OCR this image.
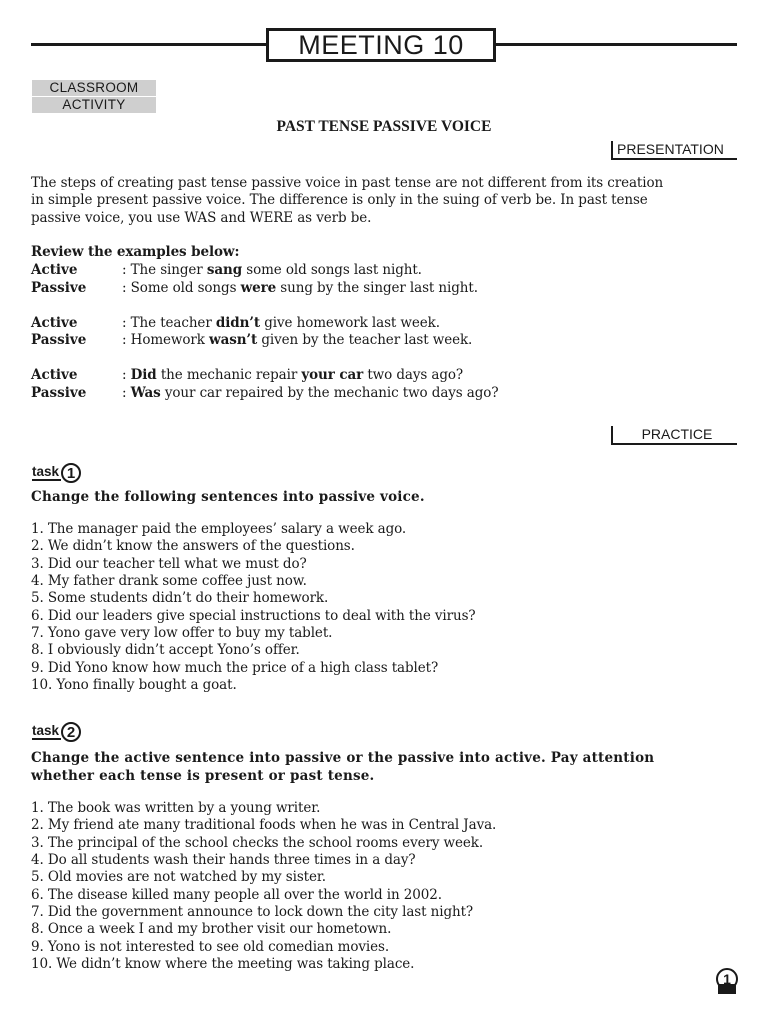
MEETING 10
CLASSROOM
ACTIVITY
PAST TENSE PASSIVE VOICE
PRESENTATION
The steps of creating past tense passive voice in past tense are not different from its creation
in simple present passive voice. The difference is only in the suing of verb be. In past tense
passive voice, you use WAS and WERE as verb be.
Review the examples below:
Active	: The singer sang some old songs last night.
Passive	: Some old songs were sung by the singer last night.
Active	: The teacher didn’t give homework last week.
Passive	: Homework wasn’t given by the teacher last week.
Active	: Did the mechanic repair your car two days ago?
Passive	: Was your car repaired by the mechanic two days ago?
PRACTICE
task 1
Change the following sentences into passive voice.
1. The manager paid the employees’ salary a week ago.
2. We didn’t know the answers of the questions.
3. Did our teacher tell what we must do?
4. My father drank some coffee just now.
5. Some students didn’t do their homework.
6. Did our leaders give special instructions to deal with the virus?
7. Yono gave very low offer to buy my tablet.
8. I obviously didn’t accept Yono’s offer.
9. Did Yono know how much the price of a high class tablet?
10. Yono finally bought a goat.
task 2
Change the active sentence into passive or the passive into active. Pay attention
whether each tense is present or past tense.
1. The book was written by a young writer.
2. My friend ate many traditional foods when he was in Central Java.
3. The principal of the school checks the school rooms every week.
4. Do all students wash their hands three times in a day?
5. Old movies are not watched by my sister.
6. The disease killed many people all over the world in 2002.
7. Did the government announce to lock down the city last night?
8. Once a week I and my brother visit our hometown.
9. Yono is not interested to see old comedian movies.
10. We didn’t know where the meeting was taking place.
1
